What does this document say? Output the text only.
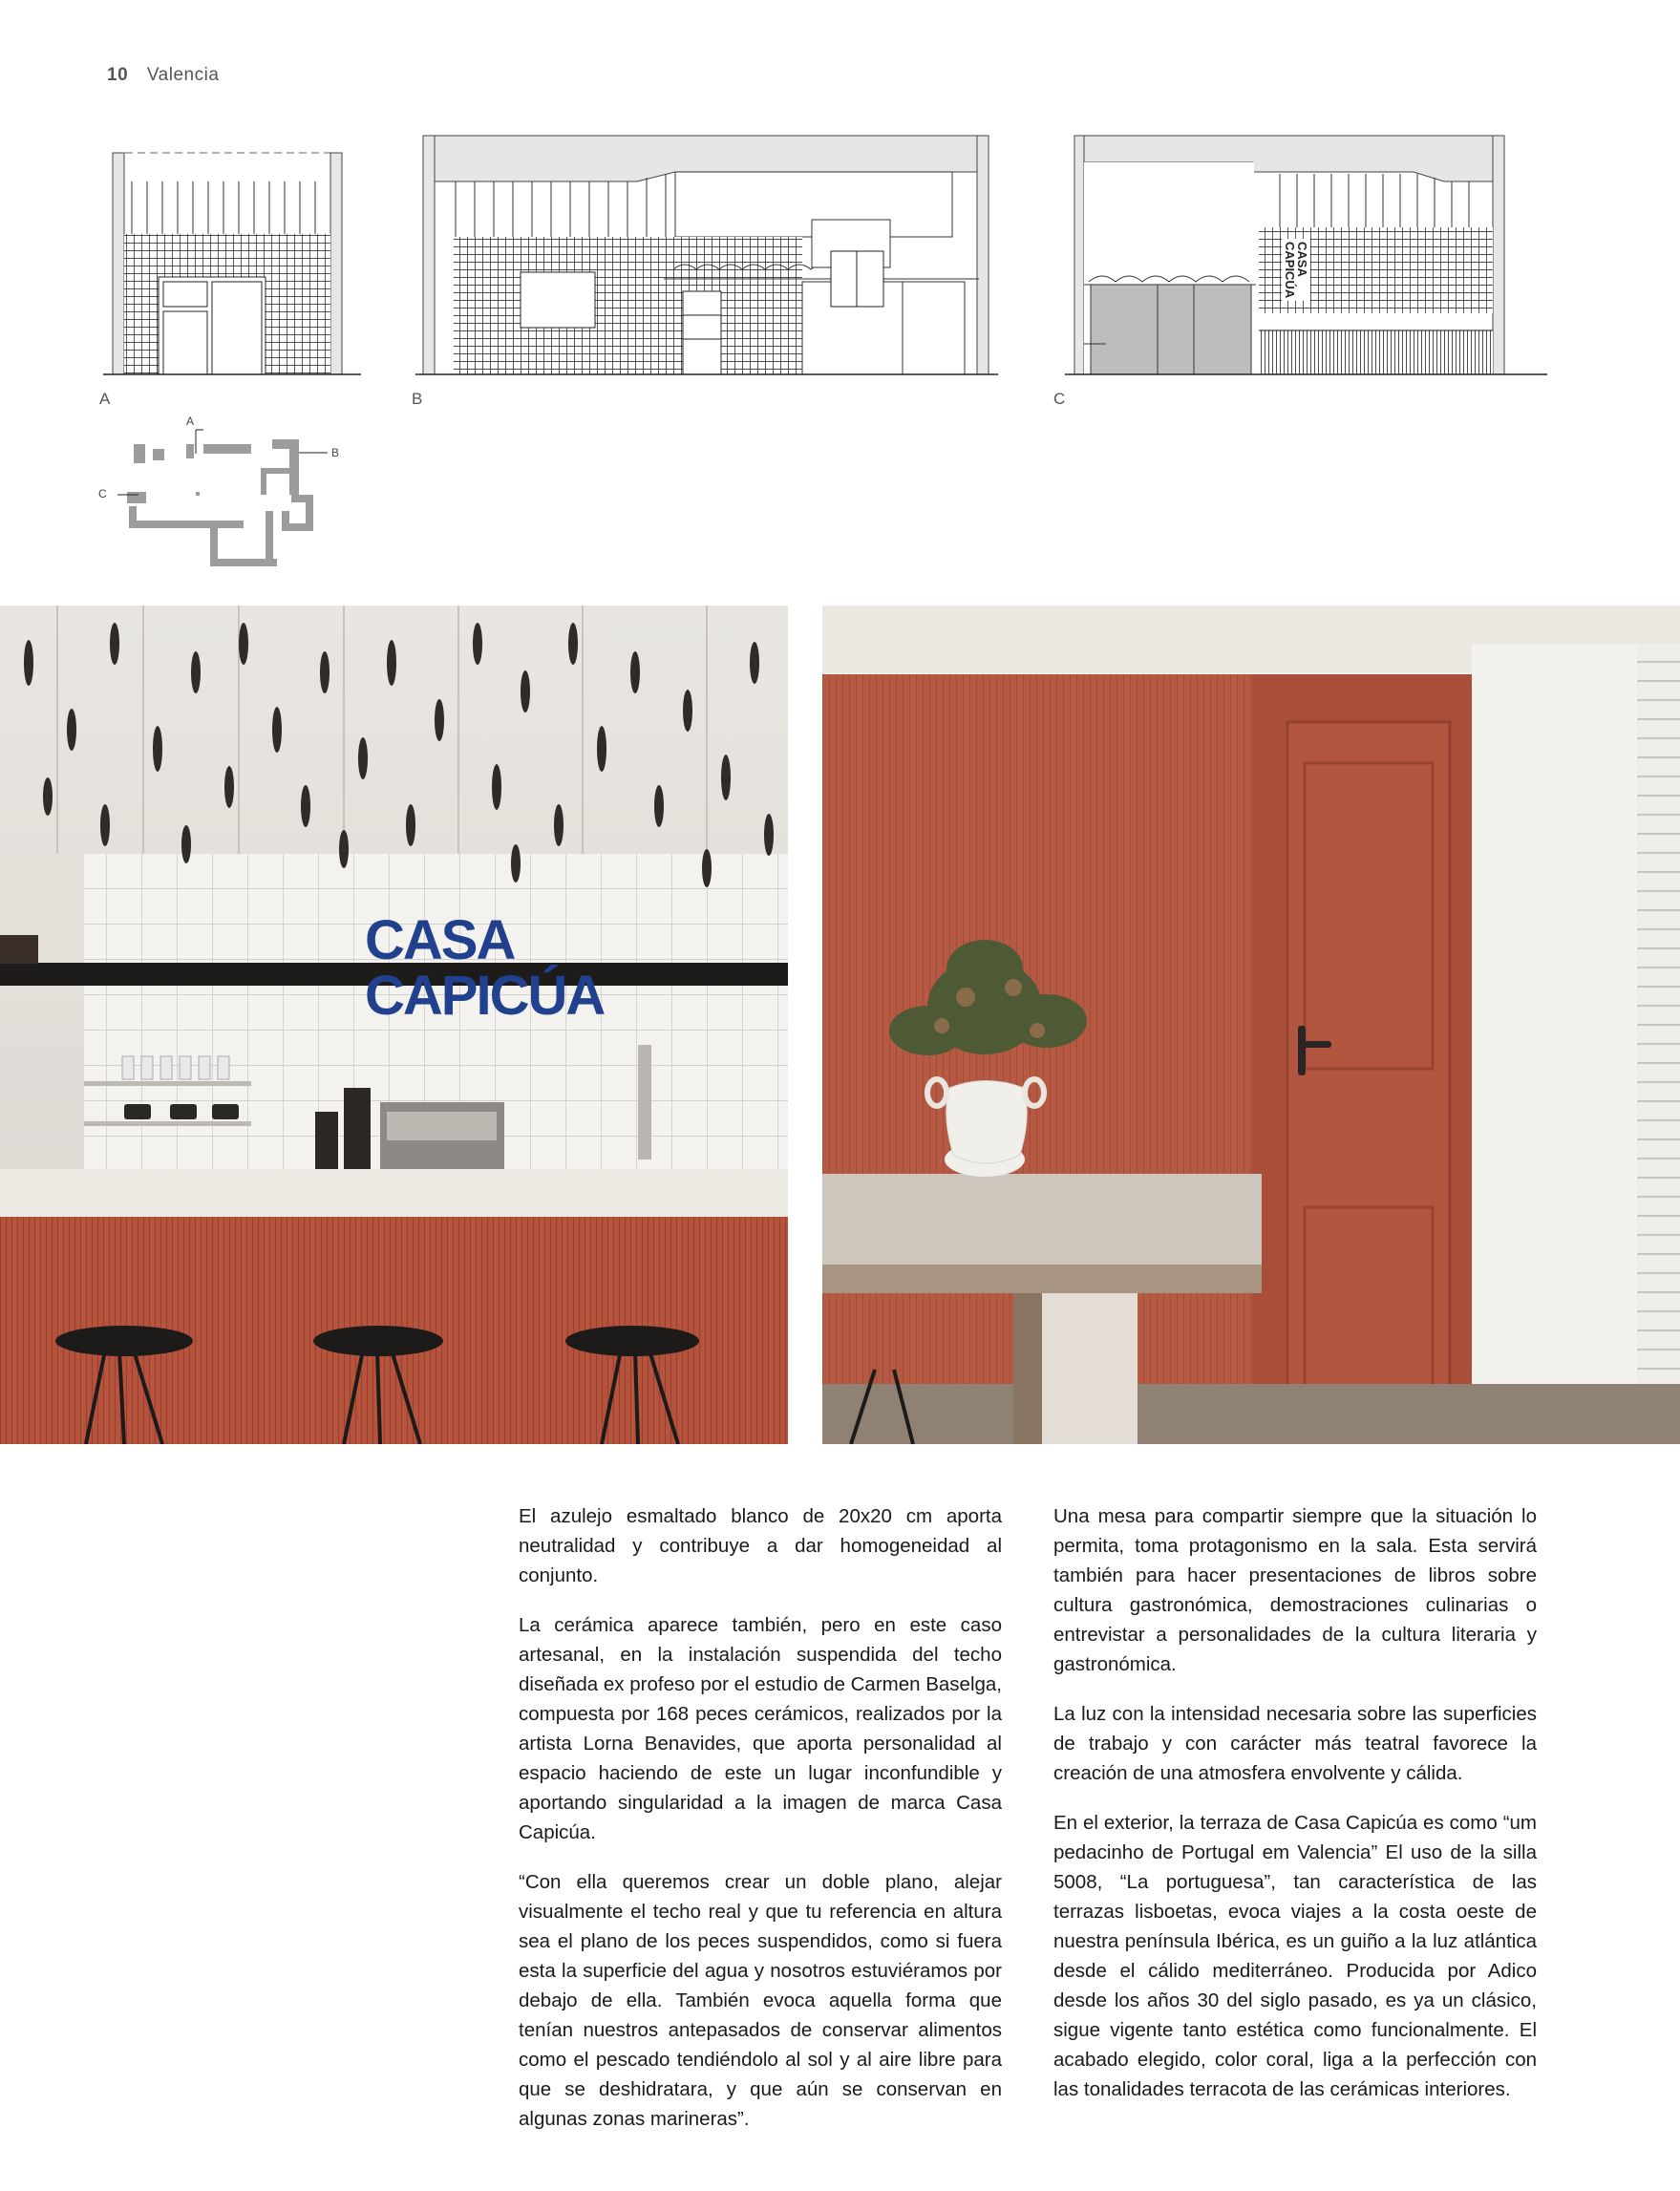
10 Valencia
A	B
CASA
CAPICÚA
C
A
B
C
CASA
CAPICÚA

El azulejo esmaltado blanco de 20x20 cm aporta neutralidad y contribuye a dar homogeneidad al conjunto.

La cerámica aparece también, pero en este caso artesanal, en la instalación suspendida del techo diseñada ex profeso por el estudio de Carmen Baselga, compuesta por 168 peces cerámicos, realizados por la artista Lorna Benavides, que aporta personalidad al espacio haciendo de este un lugar inconfundible y aportando singularidad a la imagen de marca Casa Capicúa.

“Con ella queremos crear un doble plano, alejar visualmente el techo real y que tu referencia en altura sea el plano de los peces suspendidos, como si fuera esta la superficie del agua y nosotros estuviéramos por debajo de ella. También evoca aquella forma que tenían nuestros antepasados de conservar alimentos como el pescado tendiéndolo al sol y al aire libre para que se deshidratara, y que aún se conservan en algunas zonas marineras”.

Una mesa para compartir siempre que la situación lo permita, toma protagonismo en la sala. Esta servirá también para hacer presentaciones de libros sobre cultura gastronómica, demostraciones culinarias o entrevistar a personalidades de la cultura literaria y gastronómica.

La luz con la intensidad necesaria sobre las superficies de trabajo y con carácter más teatral favorece la creación de una atmosfera envolvente y cálida.

En el exterior, la terraza de Casa Capicúa es como “um pedacinho de Portugal em Valencia” El uso de la silla 5008, “La portuguesa”, tan característica de las terrazas lisboetas, evoca viajes a la costa oeste de nuestra península Ibérica, es un guiño a la luz atlántica desde el cálido mediterráneo. Producida por Adico desde los años 30 del siglo pasado, es ya un clásico, sigue vigente tanto estética como funcionalmente. El acabado elegido, color coral, liga a la perfección con las tonalidades terracota de las cerámicas interiores.
